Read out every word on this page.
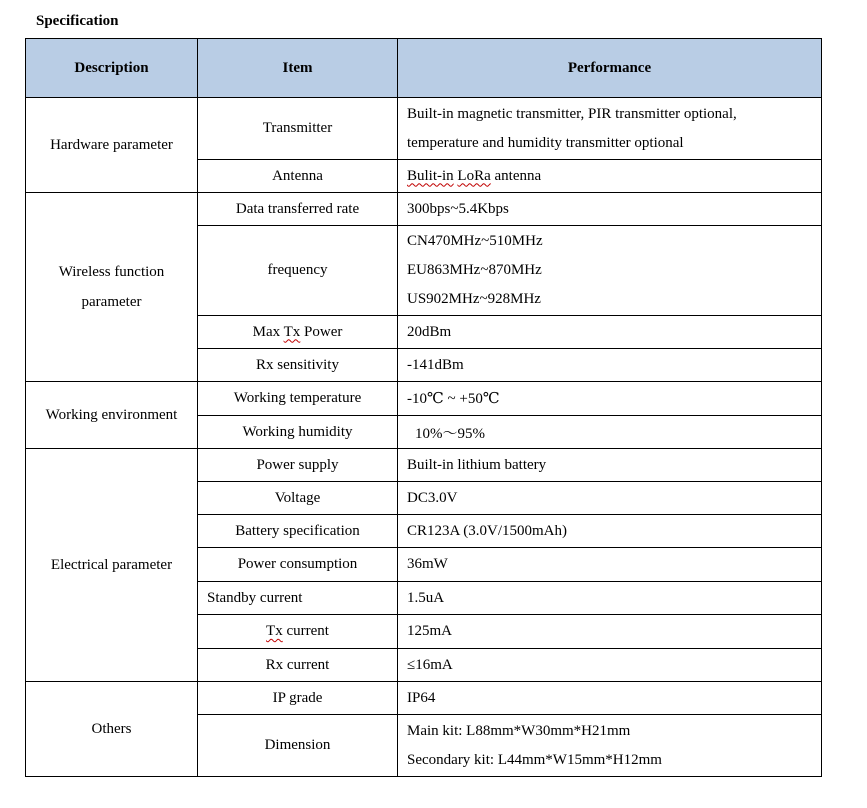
Specification
Description	Item	Performance
Hardware parameter	Transmitter	Built-in magnetic transmitter, PIR transmitter optional,
temperature and humidity transmitter optional

	Antenna	Bulit-in LoRa antenna

Wireless function
parameter	Data transferred rate	300bps~5.4Kbps
	frequency	CN470MHz~510MHz
EU863MHz~870MHz
US902MHz~928MHz

	Max Tx Power	20dBm
	Rx sensitivity	-141dBm
Working environment	Working temperature	-10℃ ~ +50℃
	Working humidity	10%～95%
Electrical parameter	Power supply	Built-in lithium battery
	Voltage	DC3.0V
	Battery specification	CR123A (3.0V/1500mAh)
	Power consumption	36mW
	Standby current	1.5uA
	Tx current	125mA
	Rx current	≤16mA
Others	IP grade	IP64
	Dimension	Main kit: L88mm*W30mm*H21mm
Secondary kit: L44mm*W15mm*H12mm
